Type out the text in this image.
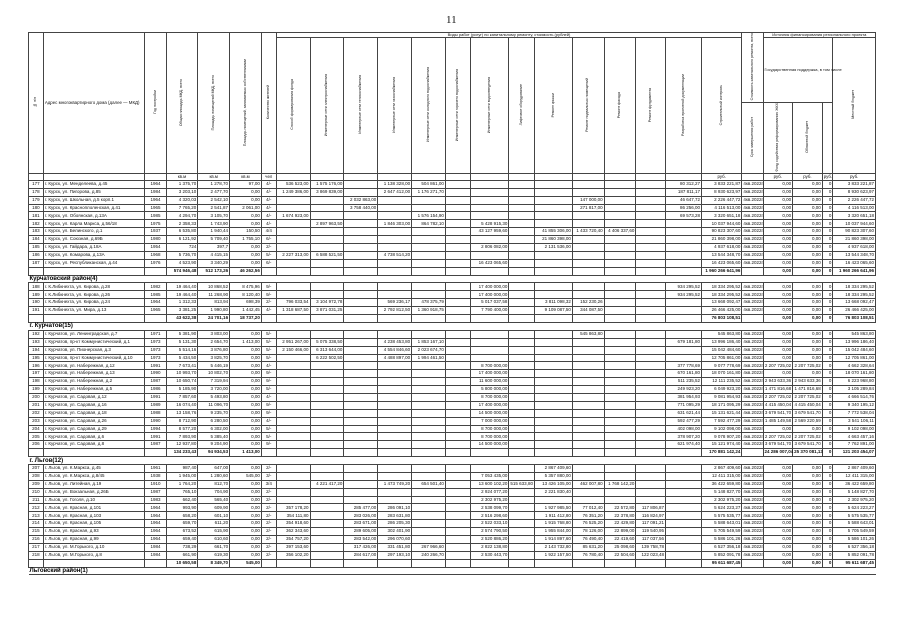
11
№ п/п	Адрес многоквартирного дома (далее — МКД)	Год постройки	Общая площадь МКД, всего	Площадь помещений МКД, всего	Площадь помещений, занимаемых собственниками	Количество жителей	Виды работ (услуг) по капитальному ремонту, стоимость (рублей)														Стоимость капитального ремонта, всего	Источник финансирования регионального проекта			
							Способ формирования фонда	Инженерные сети электроснабжения	Инженерные сети теплоснабжения	Инженерные сети газоснабжения	Инженерные сети холодного водоснабжения	Инженерные сети горячего водоснабжения	Инженерные сети водоотведения	Лифтовое оборудование	Ремонт крыши	Ремонт подвальных помещений	Ремонт фасада	Ремонт фундамента	Разработка проектной документации	Строительный контроль		Государственная поддержка, в том числе			Местный бюджет
																					Срок завершения работ	Фонд содействия реформированию ЖКХ	Областной бюджет		
			кв.м	кв.м	кв.м	чел														руб.		руб.	руб.	руб.	руб.
177	г. Курск, ул. Менделеева, д.45	1964	1 375,70	1 278,70	97,00	4/-	536 523,00	1 575 176,00		1 138 328,00	504 861,00								80 312,27	3 833 221,87	4кв.2022г.	0,00	0,00	0	3 833 221,87
178	г. Курск, ул. Пигорова, д.85	1984	3 203,10	2 477,70	0,00	4/-	1 249 386,00	3 869 839,00		2 647 412,00	1 176 271,70								187 811,17	8 930 623,97	4кв.2022г.	0,00	0,00	0	8 930 623,97
179	г. Курск, ул. Школьная, д.5 корп.1	1964	4 320,03	2 542,10	0,00	4/-			2 032 863,00							147 000,00			46 647,72	2 226 447,72	4кв.2022г.	0,00	0,00	0	2 226 447,72
180	г. Курск, ул. Красноплоленская, д.41	1965	7 765,20	2 541,87	2 061,00	4/-			3 758 440,00							271 817,00			86 256,00	4 116 513,00	4кв.2022г.	0,00	0,00	0	4 116 513,00
181	г. Курск, ул. Обоянская, д.13А	1985	4 294,70	3 105,70	0,00	4/-	1 674 923,00				1 576 154,90								69 573,28	3 320 651,18	4кв.2022г.	0,00	0,00	0	3 320 651,18
182	г. Курск, ул. Карла Маркса, д.56/18	1975	2 358,33	1 743,90	0,00	4/-		2 897 963,50		1 846 303,00	864 782,10		5 428 915,30							10 037 944,60	4кв.2022г.	0,00	0,00	0	10 037 944,60
183	г. Курск, ул. Белинского, д.1	1937	6 535,80	1 940,44	150,50	4/4							43 127 959,60		41 855 306,00	1 433 720,40	4 406 337,60			90 823 307,60	4кв.2022г.	0,00	0,00	0	90 823 307,60
184	г. Курск, ул. Союзная, д.69Б	1980	6 121,92	5 709,40	1 755,10	6/-									21 860 398,00					21 860 398,00	4кв.2022г.	0,00	0,00	0	21 860 398,00
185	г. Курск, ул. Гайдара, д.18А	1954	724	397,7	0,00	2/-							2 806 082,00		2 131 536,00					4 937 618,00	4кв.2022г.	0,00	0,00	0	4 937 618,00
186	г. Курск, ул. Комарова, д.13А	1968	5 736,70	4 415,15	0,00	5/-	2 227 313,00	6 588 521,50		4 738 514,20										13 544 348,70	4кв.2022г.	0,00	0,00	0	13 544 348,70
187	г. Курск, ул. Республиканская, д.44	1976	4 523,90	3 340,29	0,00	6/-							16 423 065,60							16 423 065,60	4кв.2022г.	0,00	0,00	0	16 423 065,60
			574 946,48	512 173,26	46 262,56															1 960 266 641,96		0,00	0,00	0	1 960 266 641,96
Курчатовский район(4)																									
188	г. К.Либкнехта, ул. Кирова, д.28	1982	19 464,40	10 868,52	8 475,96	9/-							17 400 000,00						934 295,52	18 334 295,52	4кв.2022г.	0,00	0,00	0	18 334 295,52
189	г. К.Либкнехта, ул. Кирова, д.26	1985	19 464,40	11 268,90	8 120,40	9/-							17 400 000,00						934 295,52	18 334 295,52	4кв.2022г.	0,00	0,00	0	18 334 295,52
190	г. К.Либкнехта, ул. Кирова, д.24	1964	1 312,33	813,94	698,39	2/-	796 033,54	3 104 972,78		569 236,17	478 375,79		5 017 037,58		3 811 098,32	152 230,26				13 668 092,47	4кв.2022г.	0,00	0,00	0	13 668 092,47
191	г. К.Либкнехта, ул. Мира, д.13	1965	3 381,25	1 990,80	1 442,45	4/-	1 318 687,50	3 871 031,25		2 792 812,50	1 360 918,75		7 790 400,00		9 109 087,50	344 087,50				26 466 425,00	4кв.2022г.	0,00	0,00	0	26 466 425,00
			43 622,38	24 701,16	18 737,20															76 803 108,51		0,00	0,00	0	76 803 108,51
г. Курчатов(15)																									
192	г. Курчатов, ул. Ленинградская, д.7	1971	5 381,90	3 803,00	0,00	5/-										545 863,80				545 863,80	4кв.2022г.	0,00	0,00	0	545 863,80
193	г. Курчатов, пр-кт Коммунистический, д.1	1973	5 131,30	2 654,70	1 413,00	5/-	2 951 267,00	5 075 338,50		4 238 453,80	1 853 167,10								679 181,80	13 996 186,40	4кв.2022г.	0,00	0,00	0	13 996 186,40
194	г. Курчатов, ул. Пионерская, д.3	1973	5 514,16	3 876,80	0,00	5/-	2 150 466,00	6 313 644,00		4 554 846,60	2 023 674,70									15 042 484,60	4кв.2022г.	0,00	0,00	0	15 042 484,60
195	г. Курчатов, пр-кт Коммунистический, д.10	1973	5 434,50	3 825,70	0,00	5/-		6 222 502,50		4 488 897,00	1 994 461,50									12 705 861,00	4кв.2022г.	0,00	0,00	0	12 705 861,00
196	г. Курчатов, ул. Набережная, д.12	1991	7 673,41	5 446,19	0,00	4/-							8 700 000,00						377 778,69	9 077 778,69	4кв.2022г.	2 207 725,02	2 207 725,02	0	4 662 328,64
197	г. Курчатов, ул. Набережная, д.13	1990	10 993,70	10 802,70	0,00	9/-							17 400 000,00						670 161,80	18 070 161,80	4кв.2022г.	0,00	0,00	0	18 070 161,80
198	г. Курчатов, ул. Набережная, д.2	1987	10 650,74	7 319,94	0,00	9/-							11 600 000,00						511 235,52	12 111 235,52	4кв.2022г.	2 943 633,36	2 943 633,36	0	6 223 968,80
199	г. Курчатов, ул. Набережная, д.5	1986	5 185,90	3 720,00	0,00	5/-							5 800 000,00						249 923,20	6 049 923,20	4кв.2022г.	1 471 816,68	1 471 816,68	0	3 105 289,84
200	г. Курчатов, ул. Садовая, д.12	1991	7 857,60	5 493,80	0,00	4/-							8 700 000,00						381 954,93	9 081 954,93	4кв.2022г.	2 207 725,02	2 207 725,02	0	4 666 514,76
201	г. Курчатов, ул. Садовая, д.16	1989	16 074,40	11 096,70	0,00	9/-							17 400 000,00						771 095,29	18 171 095,29	4кв.2022г.	4 415 450,04	4 415 450,04	0	9 340 195,12
202	г. Курчатов, ул. Садовая, д.18	1988	13 158,76	9 235,70	0,00	9/-							14 500 000,00						631 621,44	15 131 621,44	4кв.2022г.	3 679 541,70	3 679 541,70	0	7 772 538,04
203	г. Курчатов, ул. Садовая, д.26	1990	8 712,90	6 280,50	0,00	4/-							7 000 000,00						592 477,29	7 592 477,29	4кв.2022г.	1 485 149,58	2 569 220,59	0	3 541 106,11
204	г. Курчатов, ул. Садовая, д.29	1994	8 577,20	6 302,00	0,00	5/-							8 700 000,00						402 098,00	9 102 098,00	4кв.2022г.	0,00	0,00	0	9 102 098,00
205	г. Курчатов, ул. Садовая, д.6	1991	7 893,90	5 385,40	0,00	5/-							8 700 000,00						378 907,20	9 078 907,20	4кв.2022г.	2 207 725,02	2 207 725,02	0	4 663 457,16
206	г. Курчатов, ул. Садовая, д.8	1987	12 937,80	9 204,90	0,00	9/-							14 500 000,00						621 974,40	15 121 974,40	4кв.2022г.	3 679 541,70	3 679 541,70	0	7 762 891,00
			134 233,43	94 934,53	1 413,00															170 881 142,24		24 286 007,04	25 370 081,13	0	121 203 454,07
г. Льгов(12)																									
207	г. Льгов, ул. К.Маркса, д.45	1961	987,40	647,00	0,00	2/-									2 867 409,60					2 867 409,60	4кв.2022г.	0,00	0,00	0	2 867 409,60
208	г. Льгов, ул. К.Маркса, д.8/45	1938	1 945,00	1 280,60	545,00	3/-							7 053 435,00		5 357 880,00					12 411 315,00	4кв.2022г.	0,00	0,00	0	12 411 315,00
209	г. Льгов, ул. Литейная, д.19	1910	1 764,20	812,70	0,00	3/4		4 221 417,20		1 473 749,20	654 501,40		13 600 102,20	515 633,80	13 426 105,00	462 007,80	1 768 142,20			36 422 659,80	4кв.2022г.	0,00	0,00	0	36 422 659,80
210	г. Льгов, ул. Вокзальная, д.26Б	1987	765,10	704,90	0,00	2/-							2 924 077,20		2 221 830,40					5 148 827,70	4кв.2022г.	0,00	0,00	0	5 148 827,70
211	г. Льгов, ул. Гоголя, д.10	1983	662,40	565,40	0,00	2/-							2 302 975,20							2 302 975,20	4кв.2022г.	0,00	0,00	0	2 302 975,20
212	г. Льгов, ул. Красная, д.101	1964	993,90	609,90	0,00	2/-	357 178,20		285 477,00	286 091,10			2 538 099,70		1 927 985,50	77 012,40	22 572,80	117 806,87		5 624 223,27	4кв.2022г.	0,00	0,00	0	5 624 223,27
213	г. Льгов, ул. Красная, д.103	1964	658,20	601,10	0,00	2/-	354 111,80		283 026,00	283 631,80			2 516 298,60		1 911 412,80	76 351,20	22 378,80	116 824,97		5 575 535,77	4кв.2022г.	0,00	0,00	0	5 575 535,77
214	г. Льгов, ул. Красная, д.105	1964	659,70	611,20	0,00	2/-	354 918,60		283 671,00	286 205,30			2 522 033,10		1 915 768,80	76 525,20	22 429,80	117 091,21		5 588 643,01	4кв.2022г.	0,00	0,00	0	5 588 643,01
215	г. Льгов, ул. Красная, д.93	1964	673,52	615,90	0,00	2/-	362 343,60		289 605,00	302 401,90			2 574 790,50		1 955 844,00	78 126,00	22 899,00	119 540,95		5 705 549,59	4кв.2022г.	0,00	0,00	0	5 705 549,59
216	г. Льгов, ул. Красная, д.99	1964	659,40	610,60	0,00	2/-	354 757,20		283 542,00	296 070,60			2 520 886,20		1 914 897,60	76 490,40	22 419,60	117 037,56		5 586 101,26	4кв.2022г.	0,00	0,00	0	5 586 101,26
217	г. Льгов, ул. М.Горького, д.10	1984	738,29	661,70	0,00	2/-	397 153,60		317 426,00	331 451,80	267 966,60		2 822 138,80		2 143 732,80	85 631,20	25 098,60	139 758,78		6 527 356,18	4кв.2022г.	0,00	0,00	0	6 527 356,18
218	г. Льгов, ул. М.Горького, д.8	1984	661,90	619,30	0,00	2/-	356 102,20		284 617,00	297 193,10	240 266,70		2 530 443,70		1 922 157,50	76 780,40	22 504,60	122 023,48		5 852 091,78	4кв.2022г.	0,00	0,00	0	5 852 091,78
			10 650,58	8 349,70	545,00															95 611 687,45		0,00	0,00	0	95 611 687,45
Льговский район(1)																									
